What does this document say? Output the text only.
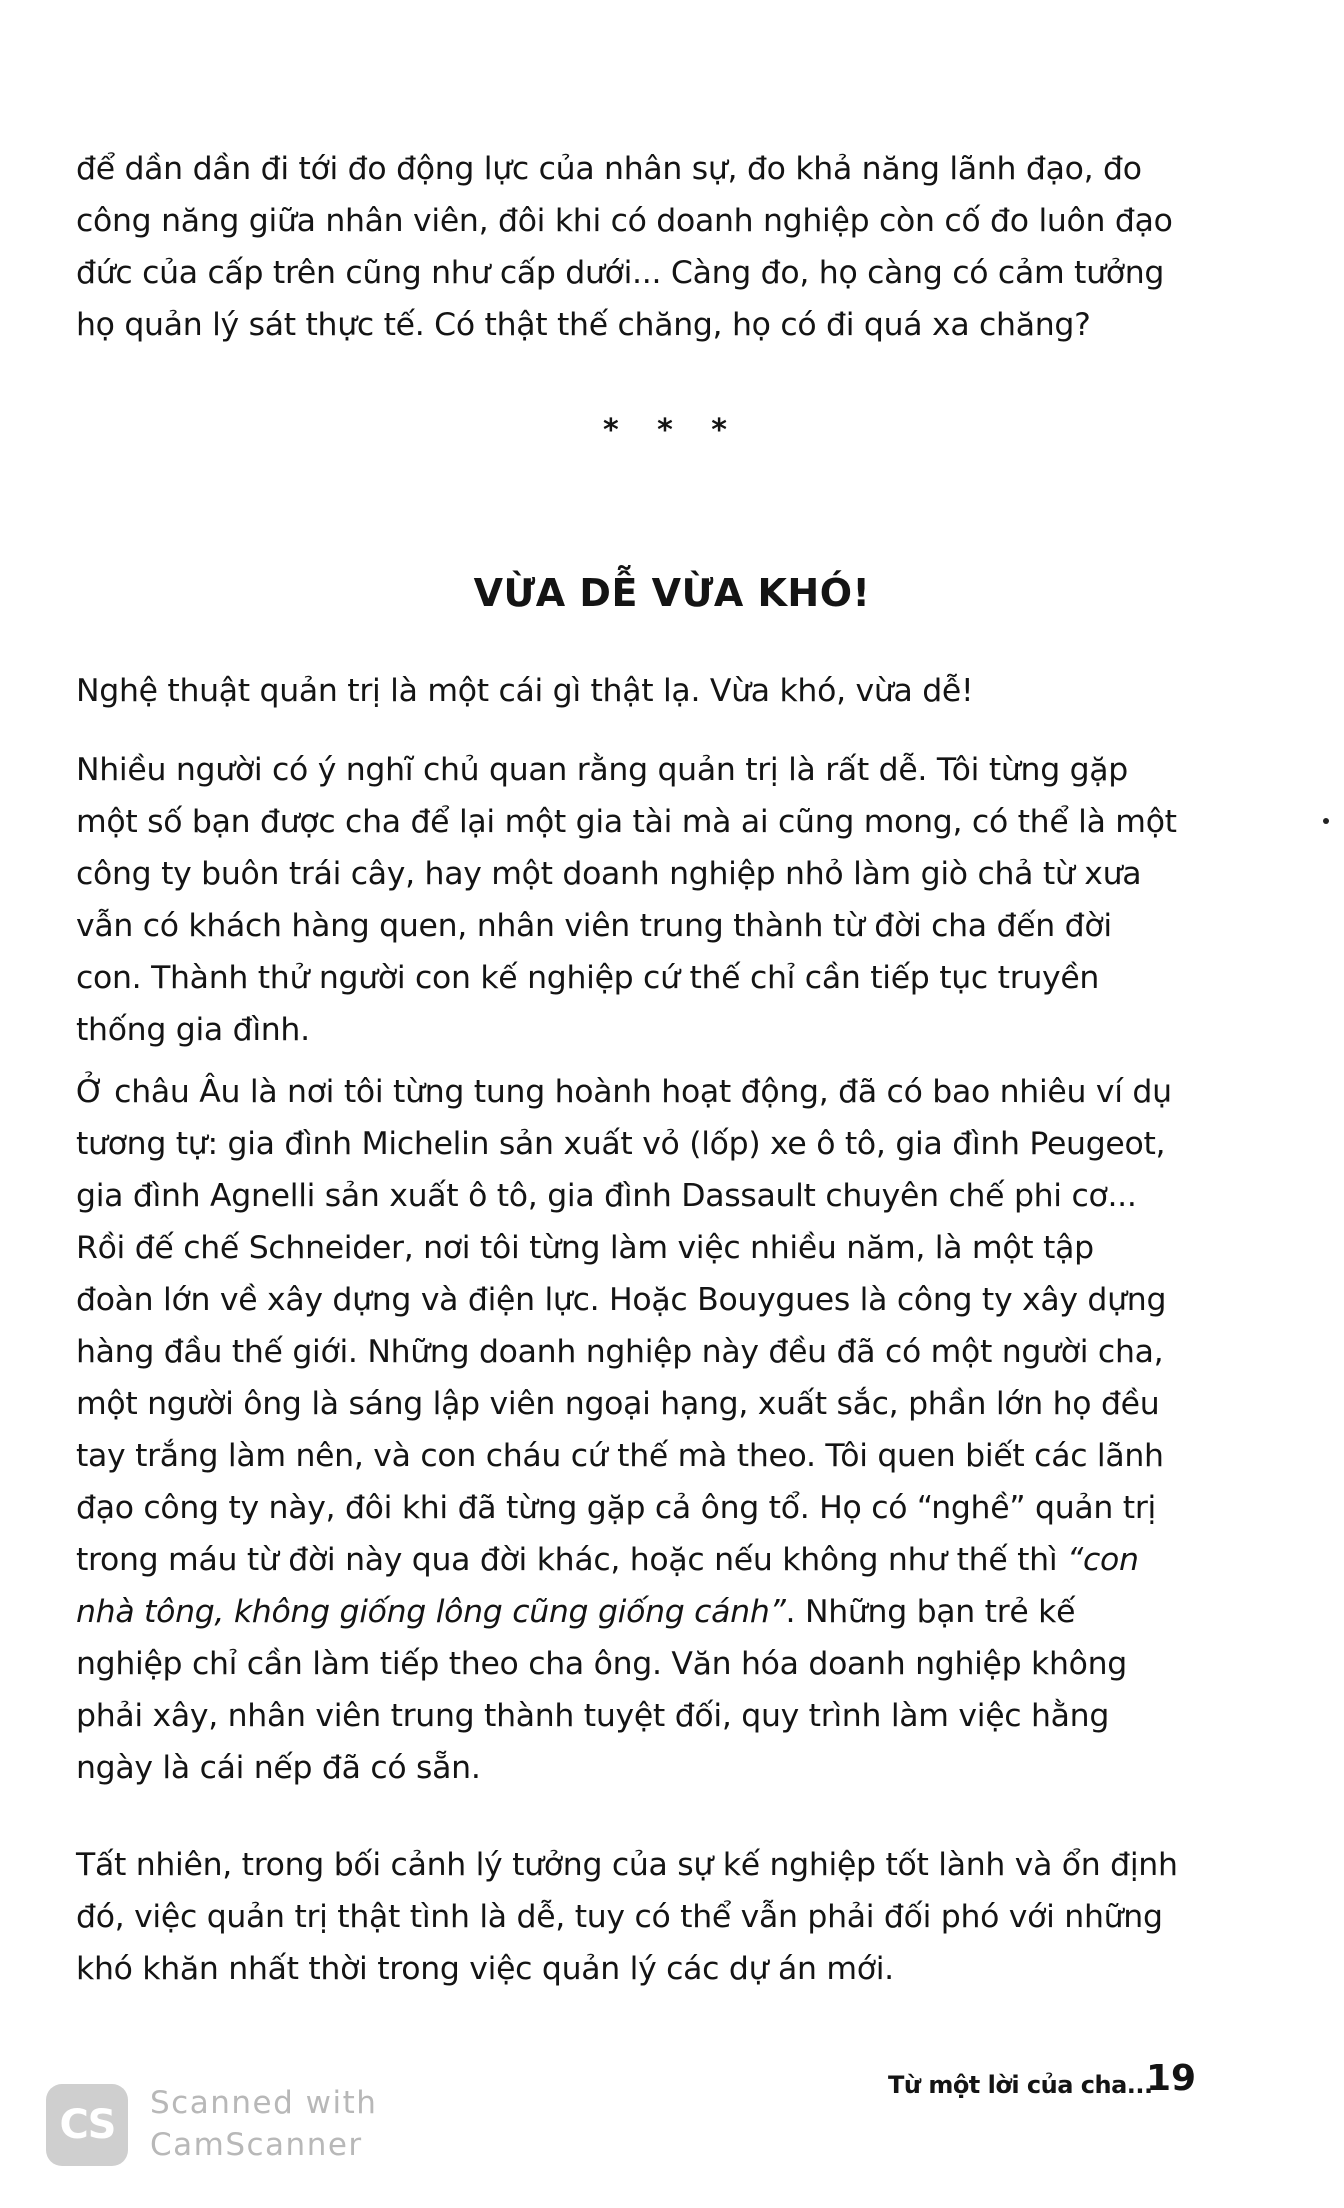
để dần dần đi tới đo động lực của nhân sự, đo khả năng lãnh đạo, đo công năng giữa nhân viên, đôi khi có doanh nghiệp còn cố đo luôn đạo đức của cấp trên cũng như cấp dưới... Càng đo, họ càng có cảm tưởng họ quản lý sát thực tế. Có thật thế chăng, họ có đi quá xa chăng?

* * *
VỪA DỄ VỪA KHÓ!

Nghệ thuật quản trị là một cái gì thật lạ. Vừa khó, vừa dễ!

Nhiều người có ý nghĩ chủ quan rằng quản trị là rất dễ. Tôi từng gặp một số bạn được cha để lại một gia tài mà ai cũng mong, có thể là một công ty buôn trái cây, hay một doanh nghiệp nhỏ làm giò chả từ xưa vẫn có khách hàng quen, nhân viên trung thành từ đời cha đến đời con. Thành thử người con kế nghiệp cứ thế chỉ cần tiếp tục truyền thống gia đình.

Ở châu Âu là nơi tôi từng tung hoành hoạt động, đã có bao nhiêu ví dụ tương tự: gia đình Michelin sản xuất vỏ (lốp) xe ô tô, gia đình Peugeot, gia đình Agnelli sản xuất ô tô, gia đình Dassault chuyên chế phi cơ... Rồi đế chế Schneider, nơi tôi từng làm việc nhiều năm, là một tập đoàn lớn về xây dựng và điện lực. Hoặc Bouygues là công ty xây dựng hàng đầu thế giới. Những doanh nghiệp này đều đã có một người cha, một người ông là sáng lập viên ngoại hạng, xuất sắc, phần lớn họ đều tay trắng làm nên, và con cháu cứ thế mà theo. Tôi quen biết các lãnh đạo công ty này, đôi khi đã từng gặp cả ông tổ. Họ có “nghề” quản trị trong máu từ đời này qua đời khác, hoặc nếu không như thế thì “con nhà tông, không giống lông cũng giống cánh”. Những bạn trẻ kế nghiệp chỉ cần làm tiếp theo cha ông. Văn hóa doanh nghiệp không phải xây, nhân viên trung thành tuyệt đối, quy trình làm việc hằng ngày là cái nếp đã có sẵn.

Tất nhiên, trong bối cảnh lý tưởng của sự kế nghiệp tốt lành và ổn định đó, việc quản trị thật tình là dễ, tuy có thể vẫn phải đối phó với những khó khăn nhất thời trong việc quản lý các dự án mới.

Từ một lời của cha...
19
CS	Scanned with
CamScanner
